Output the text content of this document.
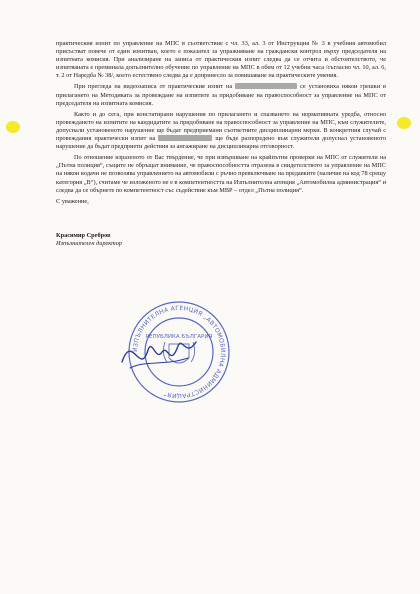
практическия изпит по управление на МПС в съответствие с чл. 33, ал. 3 от Инструкция № 3 в учебния автомобил присъстват повече от един изпитван, което е показател за упражняване на граждански контрол върху председателя на изпитната комисия. При анализиране на записа от практическия изпит следва да се отчита и обстоятелството, че изпитваната е преминала допълнително обучение по управление на МПС в обем от 12 учебни часа /съгласно чл. 10, ал. 6, т. 2 от Наредба № 38/, което естествено следва да е допринесло за повишаване на практическите умения.

При прегледа на видеозаписа от практическия изпит на	се установиха някои грешки в прилагането на Методиката за провеждане на изпитите за придобиване на правоспособност за управление на МПС от председателя на изпитната комисия.

Както и до сега, при констатирани нарушения по прилагането и спазването на нормативната уредба, относно провеждането на изпитите на кандидатите за придобиване на правоспособност за управление на МПС, към служителите, допуснали установеното нарушение ще бъдат предприемани съответните дисциплинарни мерки. В конкретния случай с провеждания практически изпит на	ще бъде разпоредено към служителя допуснал установеното нарушение да бъдат предприети действия за ангажиране на дисциплинарна отговорност.

По отношение изразеното от Вас твърдение, че при извършване на крайпътни проверки на МПС от служители на „Пътна полиция“, същите не обръщат внимание, че правоспособността отразена в свидетелството за управление на МПС на някои водачи не позволява управлението на автомобили с ръчно превключване на предавките (наличие на код 78 срещу категория „В“), считаме че изложеното не е в компетентността на Изпълнителна агенция „Автомобилна администрация“ и следва да се обърнете по компетентност със съдействие към МВР – отдел „Пътна полиция“.

С уважение,

Красимир Сребров
Изпълнителен директор
ИЗПЪЛНИТЕЛНА АГЕНЦИЯ „АВТОМОБИЛНА АДМИНИСТРАЦИЯ“
РЕПУБЛИКА БЪЛГАРИЯ
